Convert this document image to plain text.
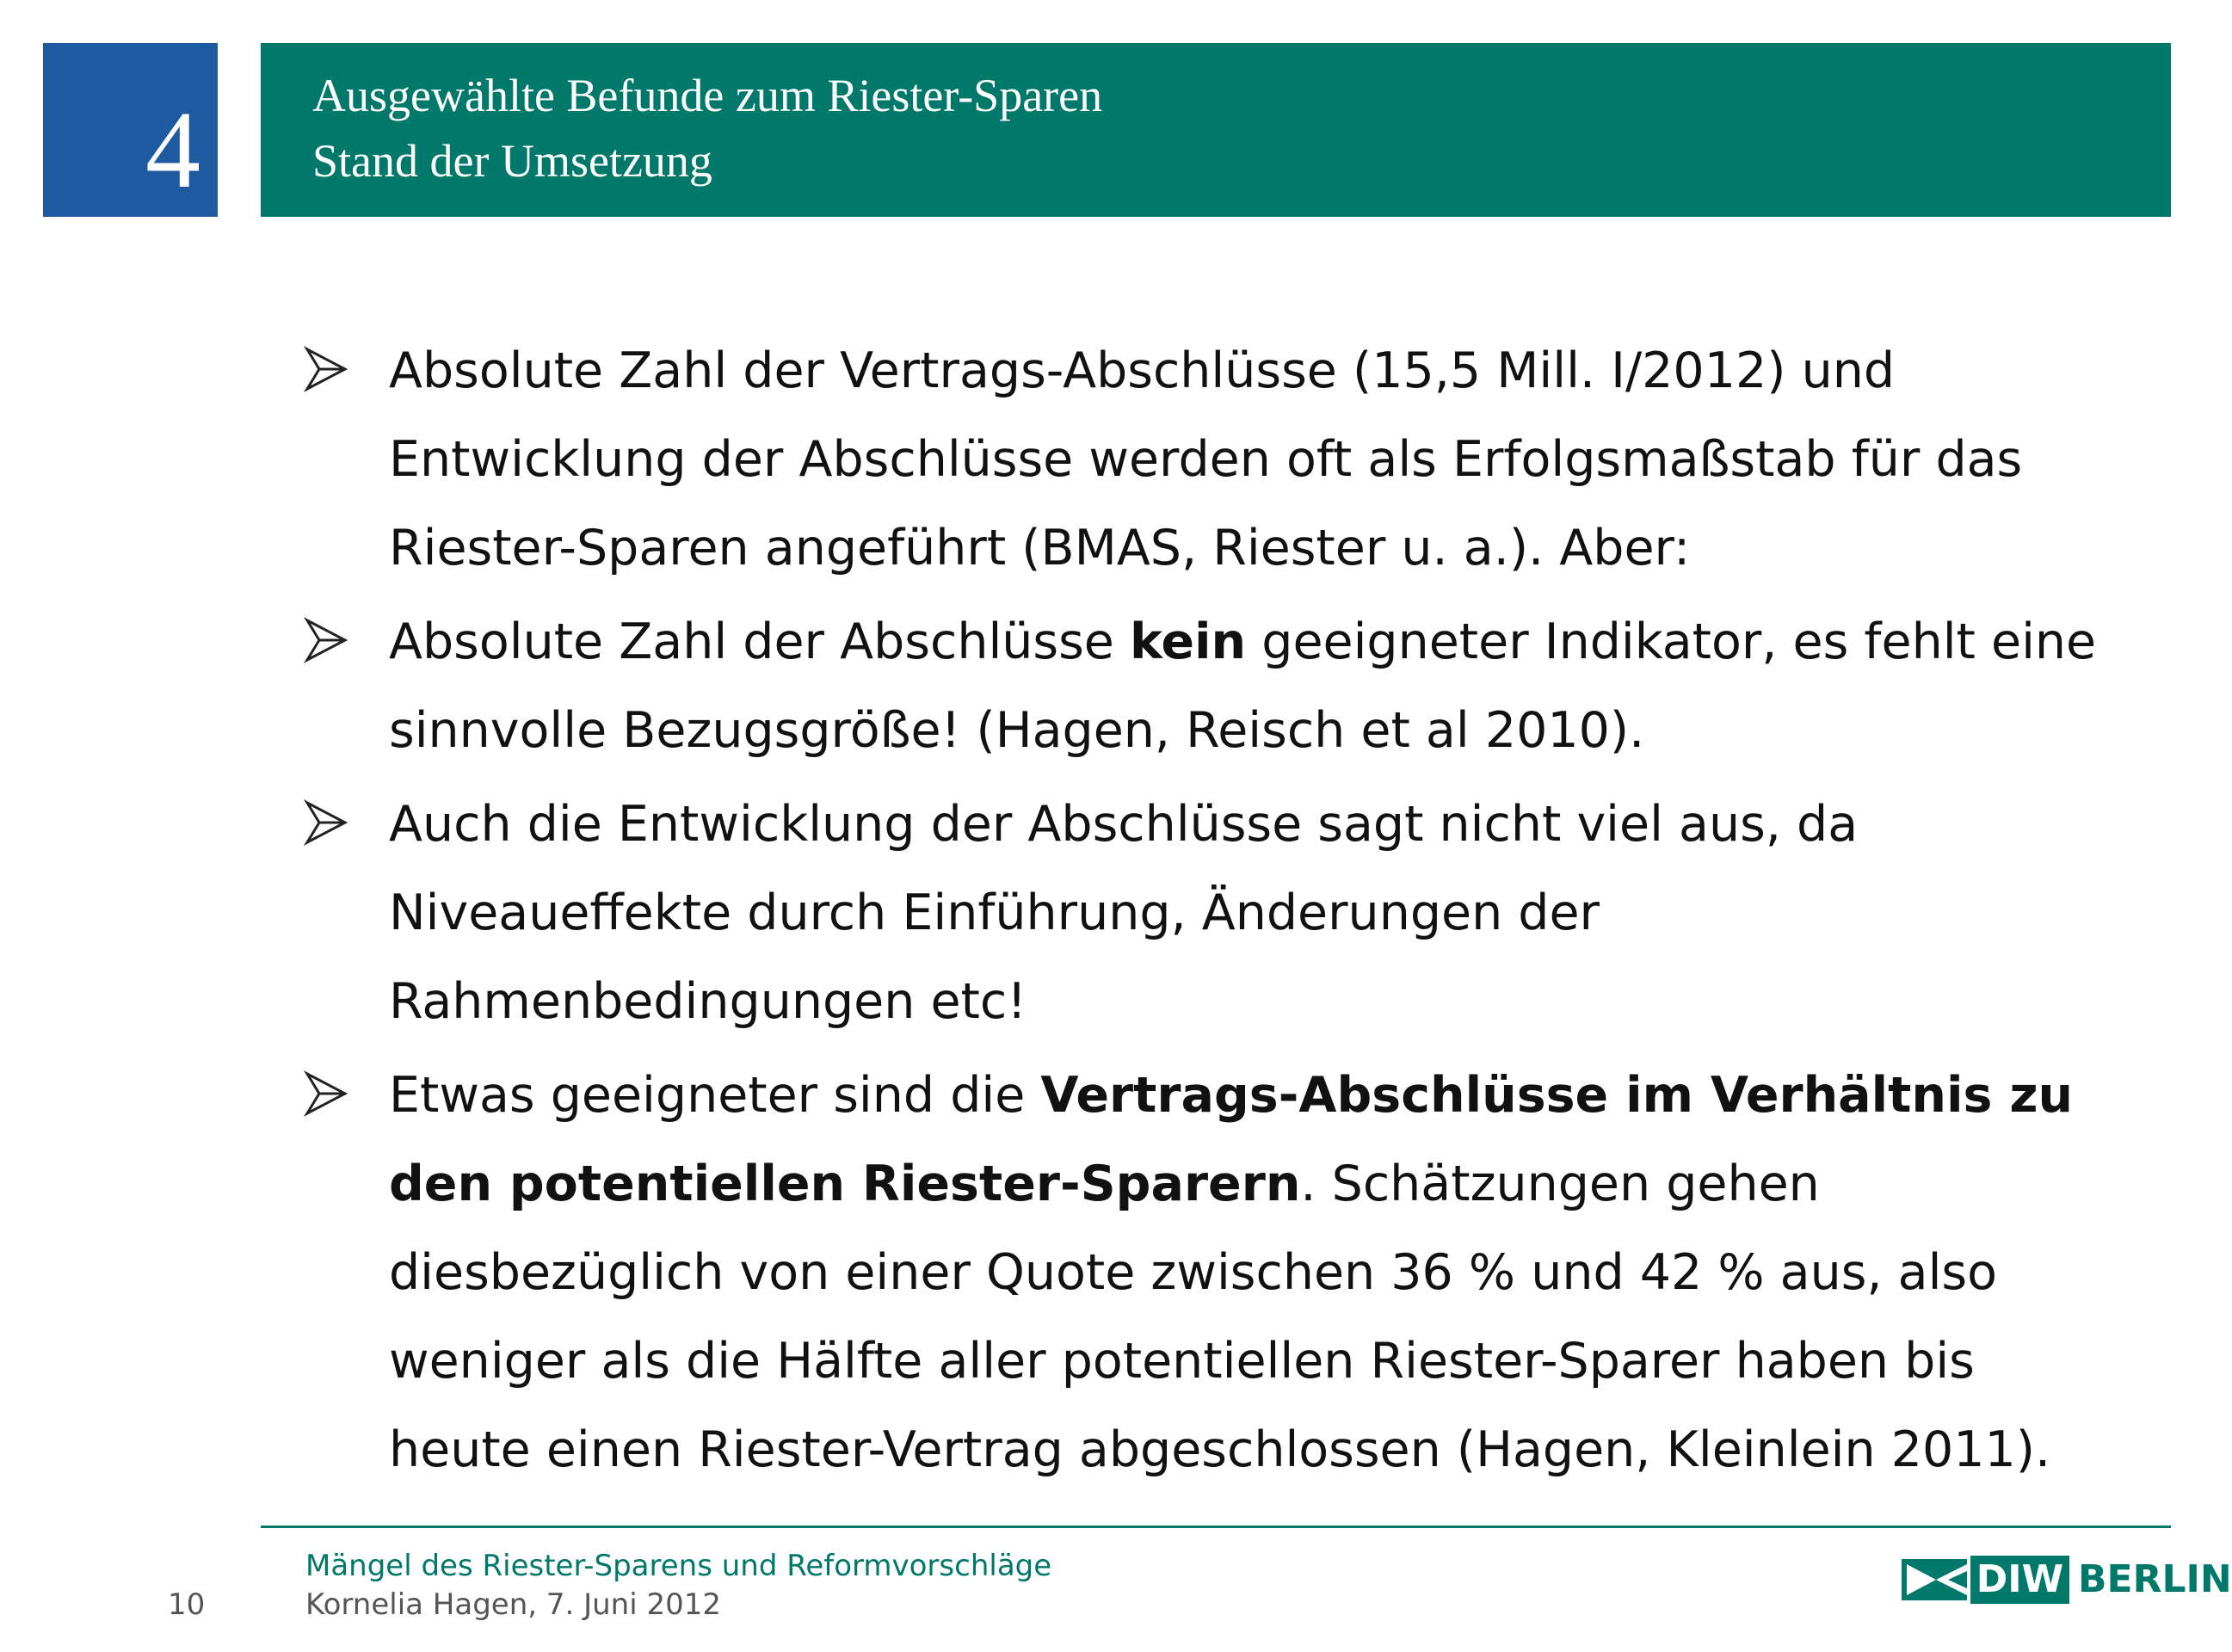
4 Ausgewählte Befunde zum Riester-Sparen
Stand der Umsetzung
Absolute Zahl der Vertrags-Abschlüsse (15,5 Mill. I/2012) und Entwicklung der Abschlüsse werden oft als Erfolgsmaßstab für das Riester-Sparen angeführt (BMAS, Riester u. a.). Aber:
Absolute Zahl der Abschlüsse kein geeigneter Indikator, es fehlt eine sinnvolle Bezugsgröße! (Hagen, Reisch et al 2010).
Auch die Entwicklung der Abschlüsse sagt nicht viel aus, da Niveaueffekte durch Einführung, Änderungen der Rahmenbedingungen etc!
Etwas geeigneter sind die Vertrags-Abschlüsse im Verhältnis zu den potentiellen Riester-Sparern. Schätzungen gehen diesbezüglich von einer Quote zwischen 36 % und 42 % aus, also weniger als die Hälfte aller potentiellen Riester-Sparer haben bis heute einen Riester-Vertrag abgeschlossen (Hagen, Kleinlein 2011).
10
Mängel des Riester-Sparens und Reformvorschläge
Kornelia Hagen, 7. Juni 2012
DIW BERLIN
